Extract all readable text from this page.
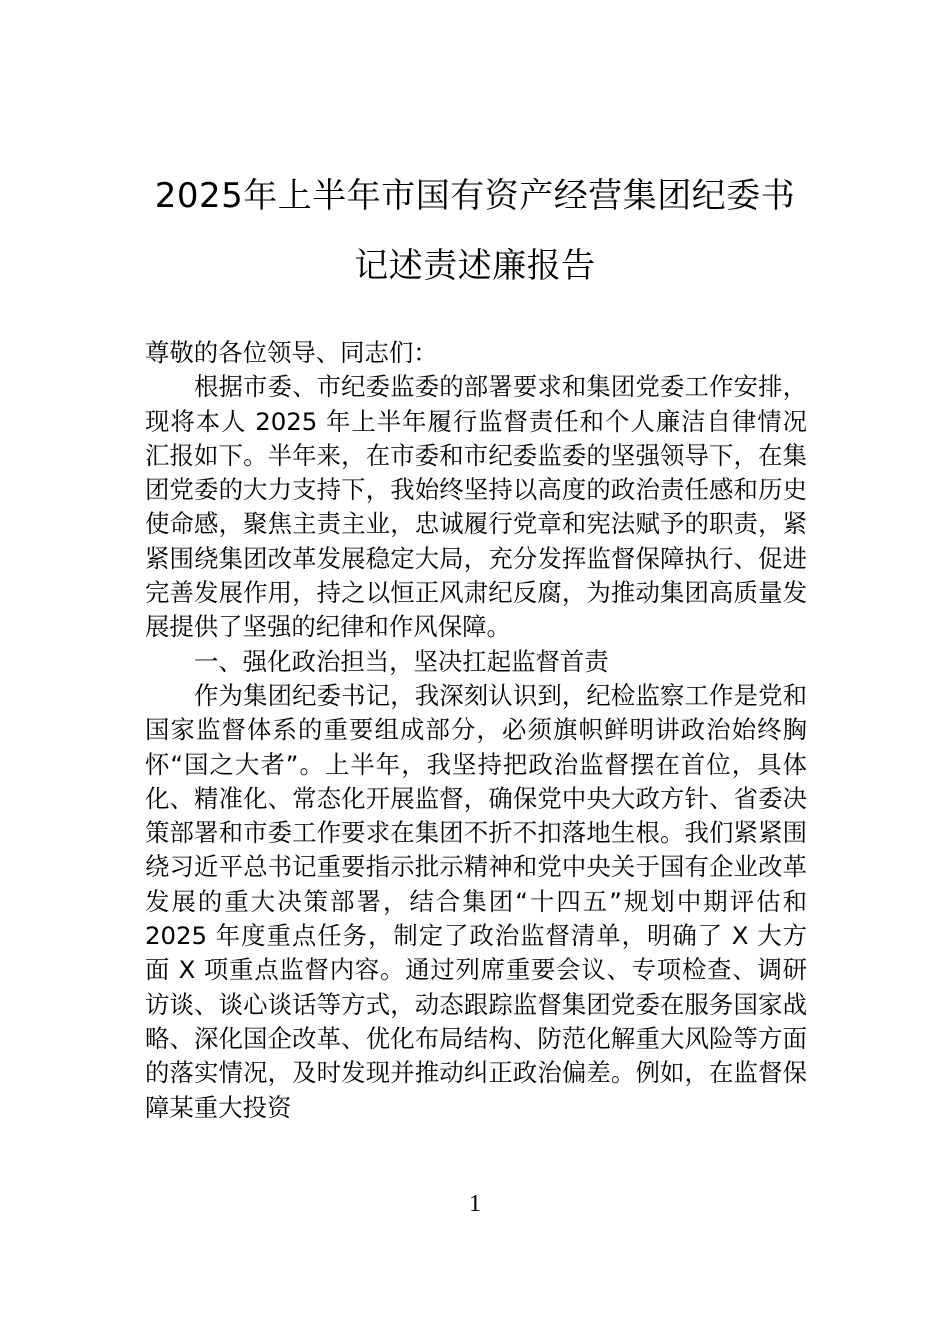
2025年上半年市国有资产经营集团纪委书
记述责述廉报告

尊敬的各位领导、同志们：

根据市委、市纪委监委的部署要求和集团党委工作安排，现将本人 2025 年上半年履行监督责任和个人廉洁自律情况汇报如下。半年来，在市委和市纪委监委的坚强领导下，在集团党委的大力支持下，我始终坚持以高度的政治责任感和历史使命感，聚焦主责主业，忠诚履行党章和宪法赋予的职责，紧紧围绕集团改革发展稳定大局，充分发挥监督保障执行、促进完善发展作用，持之以恒正风肃纪反腐，为推动集团高质量发展提供了坚强的纪律和作风保障。

一、强化政治担当，坚决扛起监督首责

作为集团纪委书记，我深刻认识到，纪检监察工作是党和国家监督体系的重要组成部分，必须旗帜鲜明讲政治始终胸怀“国之大者”。上半年，我坚持把政治监督摆在首位，具体化、精准化、常态化开展监督，确保党中央大政方针、省委决策部署和市委工作要求在集团不折不扣落地生根。我们紧紧围绕习近平总书记重要指示批示精神和党中央关于国有企业改革发展的重大决策部署，结合集团“十四五”规划中期评估和 2025 年度重点任务，制定了政治监督清单，明确了 X 大方面 X 项重点监督内容。通过列席重要会议、专项检查、调研访谈、谈心谈话等方式，动态跟踪监督集团党委在服务国家战略、深化国企改革、优化布局结构、防范化解重大风险等方面的落实情况，及时发现并推动纠正政治偏差。例如，在监督保障某重大投资

1
